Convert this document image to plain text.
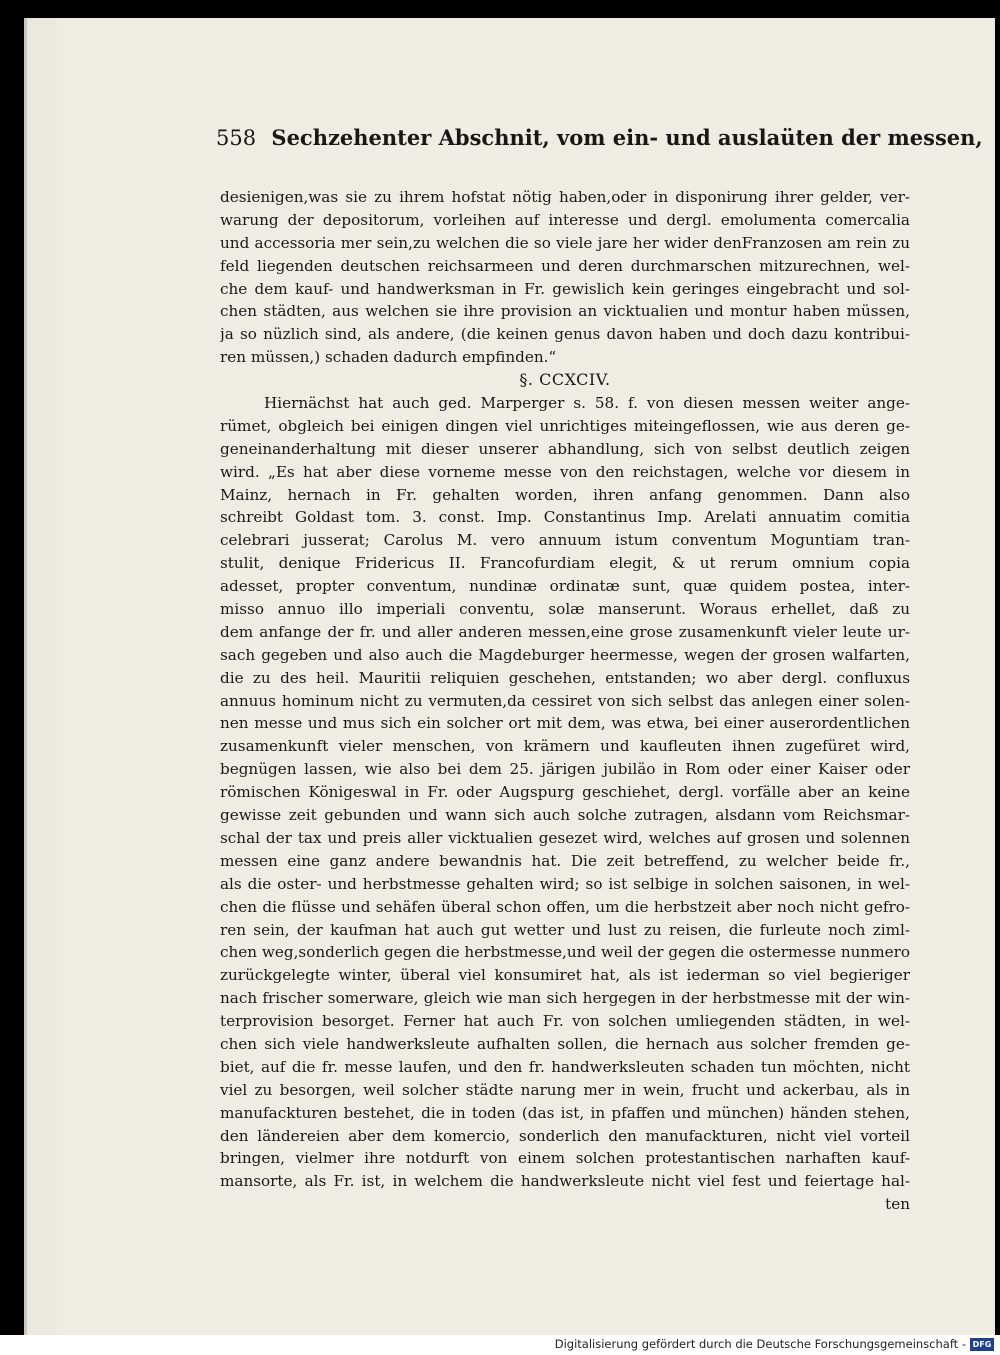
558 Sechzehenter Abschnit, vom ein- und auslaüten der messen,
desienigen,was sie zu ihrem hofstat nötig haben,oder in disponirung ihrer gelder, ver-
warung der depositorum, vorleihen auf interesse und dergl. emolumenta comercalia
und accessoria mer sein,zu welchen die so viele jare her wider denFranzosen am rein zu
feld liegenden deutschen reichsarmeen und deren durchmarschen mitzurechnen, wel-
che dem kauf- und handwerksman in Fr. gewislich kein geringes eingebracht und sol-
chen städten, aus welchen sie ihre provision an vicktualien und montur haben müssen,
ja so nüzlich sind, als andere, (die keinen genus davon haben und doch dazu kontribui-
ren müssen,) schaden dadurch empfinden.“
§. CCXCIV.
Hiernächst hat auch ged. Marperger s. 58. f. von diesen messen weiter ange-
rümet, obgleich bei einigen dingen viel unrichtiges miteingeflossen, wie aus deren ge-
geneinanderhaltung mit dieser unserer abhandlung, sich von selbst deutlich zeigen
wird. „Es hat aber diese vorneme messe von den reichstagen, welche vor diesem in
Mainz, hernach in Fr. gehalten worden, ihren anfang genommen. Dann also
schreibt Goldast tom. 3. const. Imp. Constantinus Imp. Arelati annuatim comitia
celebrari jusserat; Carolus M. vero annuum istum conventum Moguntiam tran-
stulit, denique Fridericus II. Francofurdiam elegit, & ut rerum omnium copia
adesset, propter conventum, nundinæ ordinatæ sunt, quæ quidem postea, inter-
misso annuo illo imperiali conventu, solæ manserunt. Woraus erhellet, daß zu
dem anfange der fr. und aller anderen messen,eine grose zusamenkunft vieler leute ur-
sach gegeben und also auch die Magdeburger heermesse, wegen der grosen walfarten,
die zu des heil. Mauritii reliquien geschehen, entstanden; wo aber dergl. confluxus
annuus hominum nicht zu vermuten,da cessiret von sich selbst das anlegen einer solen-
nen messe und mus sich ein solcher ort mit dem, was etwa, bei einer auserordentlichen
zusamenkunft vieler menschen, von krämern und kaufleuten ihnen zugefüret wird,
begnügen lassen, wie also bei dem 25. järigen jubiläo in Rom oder einer Kaiser oder
römischen Königeswal in Fr. oder Augspurg geschiehet, dergl. vorfälle aber an keine
gewisse zeit gebunden und wann sich auch solche zutragen, alsdann vom Reichsmar-
schal der tax und preis aller vicktualien gesezet wird, welches auf grosen und solennen
messen eine ganz andere bewandnis hat. Die zeit betreffend, zu welcher beide fr.,
als die oster- und herbstmesse gehalten wird; so ist selbige in solchen saisonen, in wel-
chen die flüsse und sehäfen überal schon offen, um die herbstzeit aber noch nicht gefro-
ren sein, der kaufman hat auch gut wetter und lust zu reisen, die furleute noch ziml-
chen weg,sonderlich gegen die herbstmesse,und weil der gegen die ostermesse nunmero
zurückgelegte winter, überal viel konsumiret hat, als ist iederman so viel begieriger
nach frischer somerware, gleich wie man sich hergegen in der herbstmesse mit der win-
terprovision besorget. Ferner hat auch Fr. von solchen umliegenden städten, in wel-
chen sich viele handwerksleute aufhalten sollen, die hernach aus solcher fremden ge-
biet, auf die fr. messe laufen, und den fr. handwerksleuten schaden tun möchten, nicht
viel zu besorgen, weil solcher städte narung mer in wein, frucht und ackerbau, als in
manufackturen bestehet, die in toden (das ist, in pfaffen und münchen) händen stehen,
den ländereien aber dem komercio, sonderlich den manufackturen, nicht viel vorteil
bringen, vielmer ihre notdurft von einem solchen protestantischen narhaften kauf-
mansorte, als Fr. ist, in welchem die handwerksleute nicht viel fest und feiertage hal-
ten
Digitalisierung gefördert durch die Deutsche Forschungsgemeinschaft - DFG
